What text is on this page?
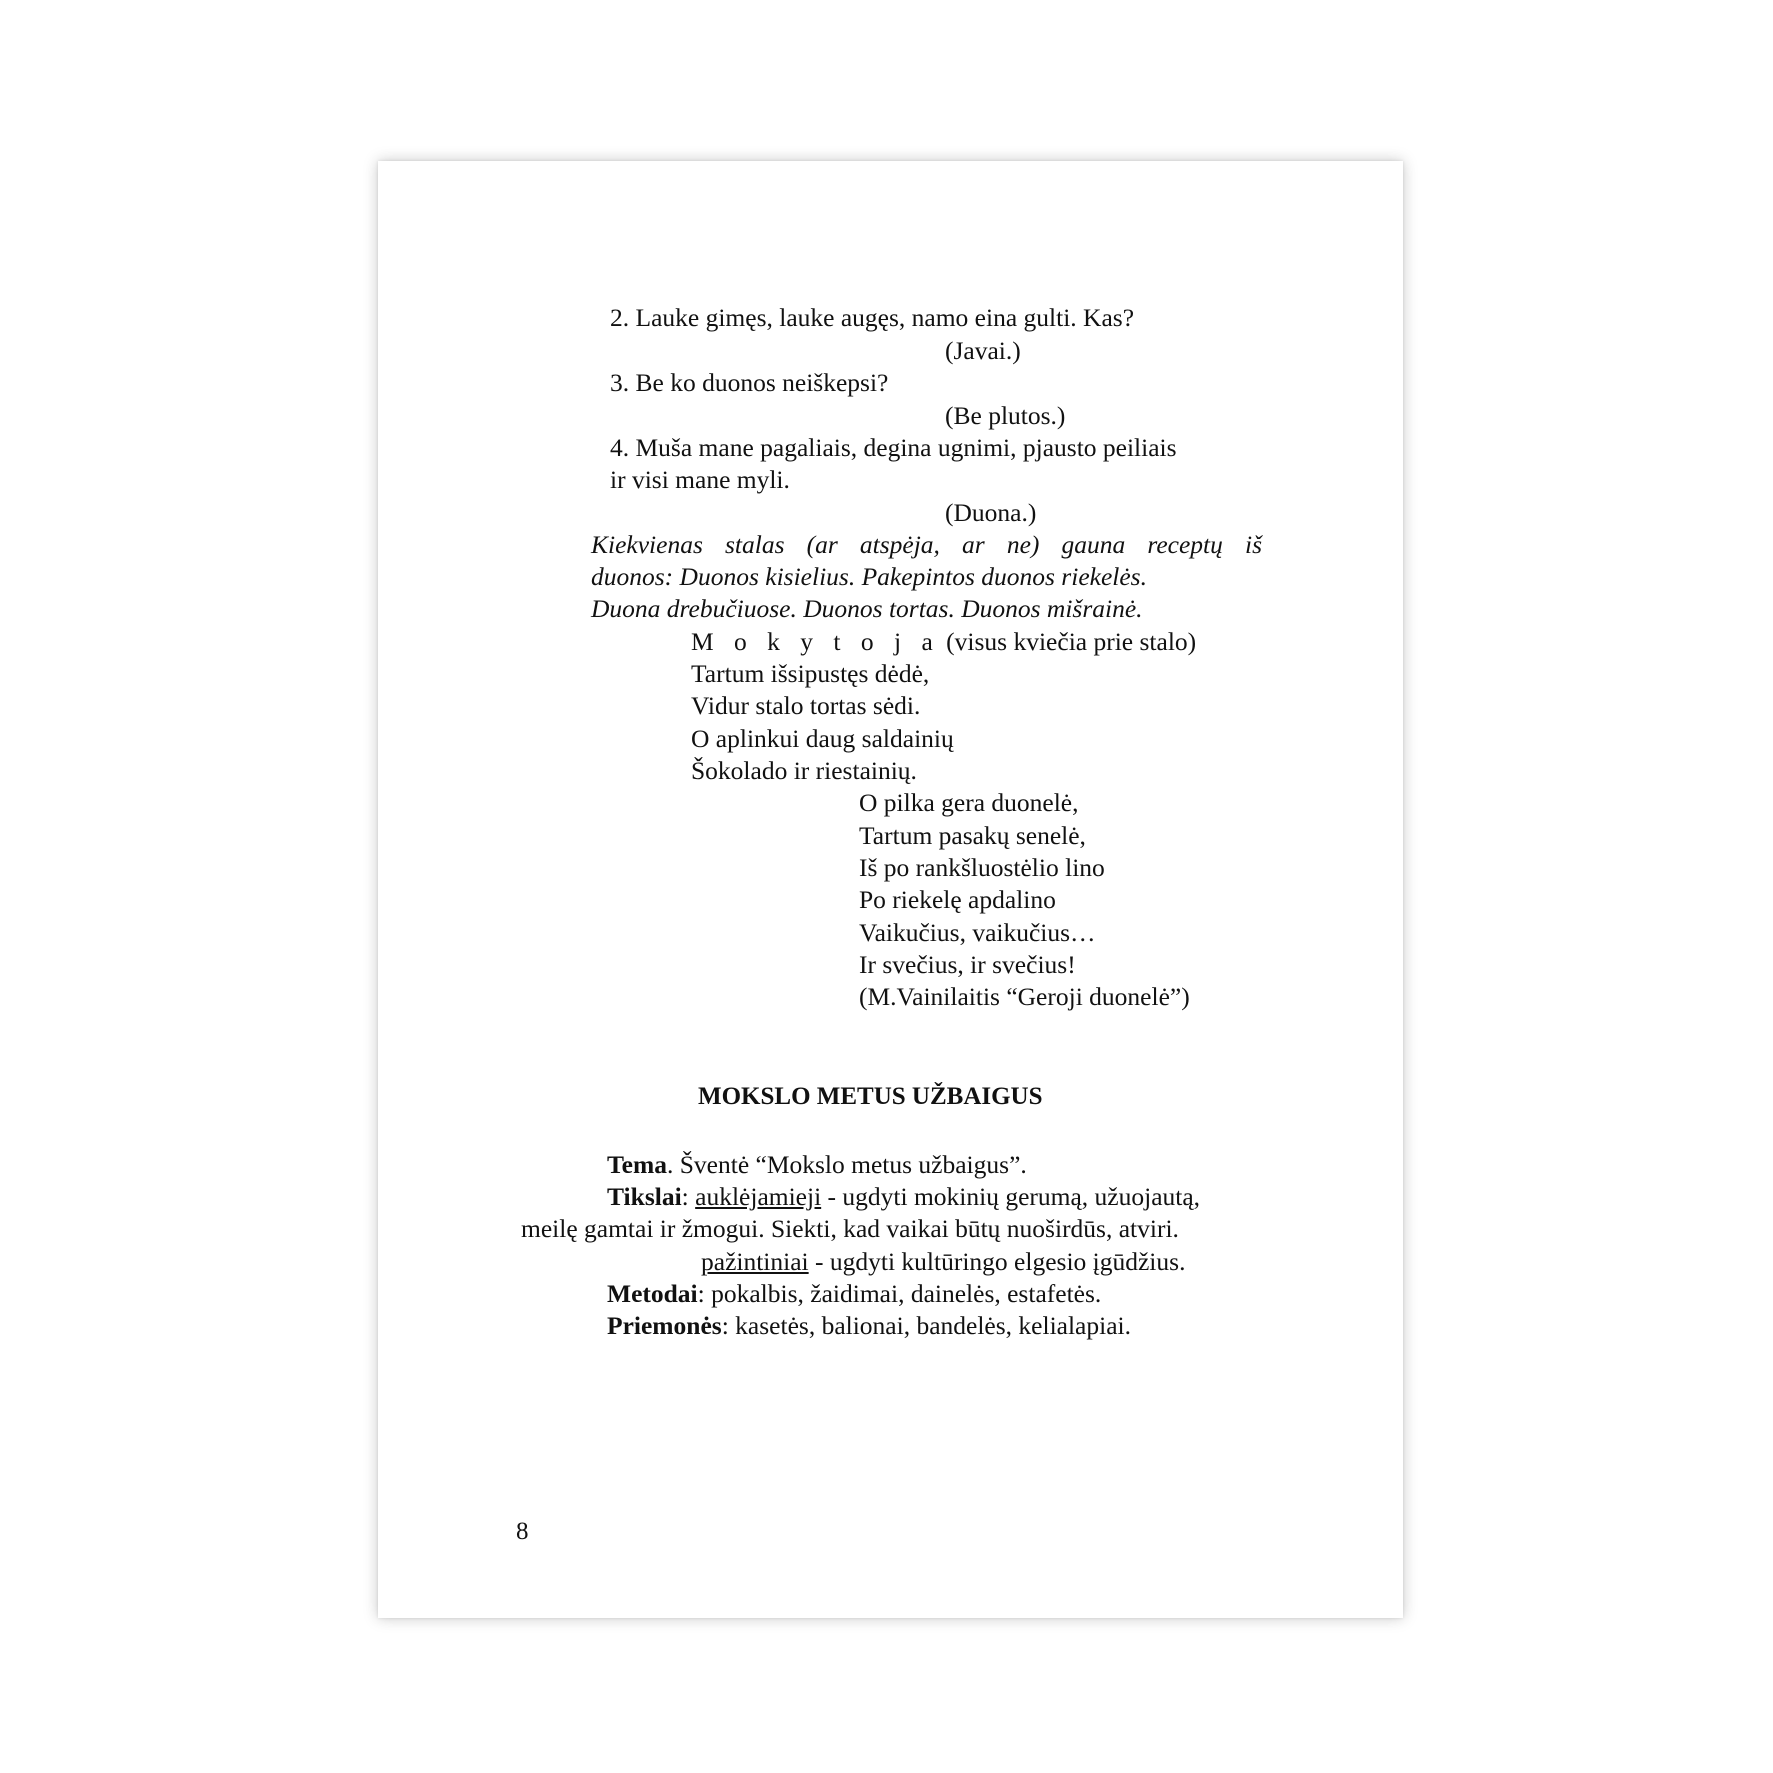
2. Lauke gimęs, lauke augęs, namo eina gulti. Kas?
(Javai.)
3. Be ko duonos neiškepsi?
(Be plutos.)
4. Muša mane pagaliais, degina ugnimi, pjausto peiliais
ir visi mane myli.
(Duona.)
Kiekvienas stalas (ar atspėja, ar ne) gauna receptų iš
duonos: Duonos kisielius. Pakepintos duonos riekelės.
Duona drebučiuose. Duonos tortas. Duonos mišrainė.
M o k y t o j a (visus kviečia prie stalo)
Tartum išsipustęs dėdė,
Vidur stalo tortas sėdi.
O aplinkui daug saldainių
Šokolado ir riestainių.
O pilka gera duonelė,
Tartum pasakų senelė,
Iš po rankšluostėlio lino
Po riekelę apdalino
Vaikučius, vaikučius…
Ir svečius, ir svečius!
(M.Vainilaitis “Geroji duonelė”)
MOKSLO METUS UŽBAIGUS
Tema. Šventė “Mokslo metus užbaigus”.
Tikslai: auklėjamieji - ugdyti mokinių gerumą, užuojautą,
meilę gamtai ir žmogui. Siekti, kad vaikai būtų nuoširdūs, atviri.
pažintiniai - ugdyti kultūringo elgesio įgūdžius.
Metodai: pokalbis, žaidimai, dainelės, estafetės.
Priemonės: kasetės, balionai, bandelės, kelialapiai.
8
